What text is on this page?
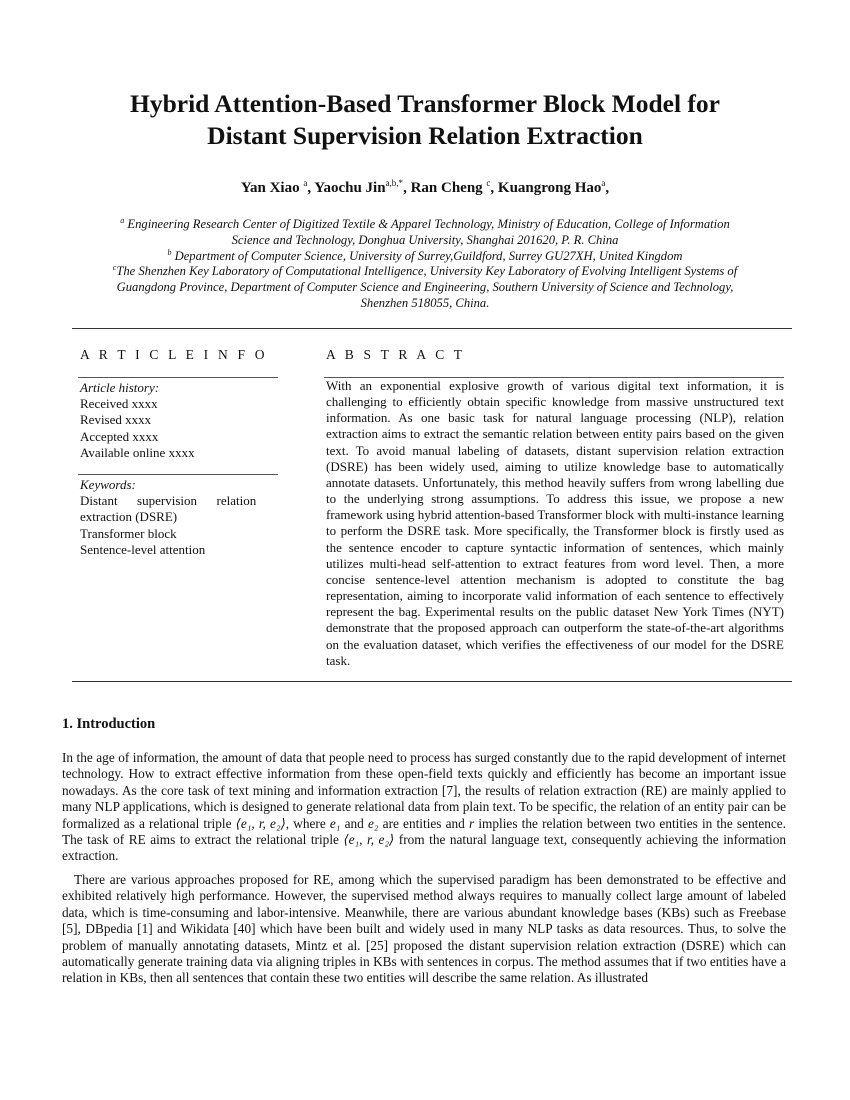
Hybrid Attention-Based Transformer Block Model for
Distant Supervision Relation Extraction
Yan Xiao $^a$, Yaochu Jin$^{a,b,*}$, Ran Cheng $^c$, Kuangrong Hao$^a$,
$^a$ Engineering Research Center of Digitized Textile & Apparel Technology, Ministry of Education, College of Information
Science and Technology, Donghua University, Shanghai 201620, P. R. China
$^b$ Department of Computer Science, University of Surrey,Guildford, Surrey GU27XH, United Kingdom
$^c$The Shenzhen Key Laboratory of Computational Intelligence, University Key Laboratory of Evolving Intelligent Systems of
Guangdong Province, Department of Computer Science and Engineering, Southern University of Science and Technology,
Shenzhen 518055, China.
A R T I C L E I N F O	A B S T R A C T
Article history:
Received xxxx
Revised xxxx
Accepted xxxx
Available online xxxx
Keywords:
Distant      supervision      relation
extraction (DSRE)
Transformer block
Sentence-level attention
With an exponential explosive growth of various digital text information, it is challenging to efficiently obtain specific knowledge from massive unstructured text information. As one basic task for natural language processing (NLP), relation extraction aims to extract the semantic relation between entity pairs based on the given text. To avoid manual labeling of datasets, distant supervision relation extraction (DSRE) has been widely used, aiming to utilize knowledge base to automatically annotate datasets. Unfortunately, this method heavily suffers from wrong labelling due to the underlying strong assumptions. To address this issue, we propose a new framework using hybrid attention-based Transformer block with multi-instance learning to perform the DSRE task. More specifically, the Transformer block is firstly used as the sentence encoder to capture syntactic information of sentences, which mainly utilizes multi-head self-attention to extract features from word level. Then, a more concise sentence-level attention mechanism is adopted to constitute the bag representation, aiming to incorporate valid information of each sentence to effectively represent the bag. Experimental results on the public dataset New York Times (NYT) demonstrate that the proposed approach can outperform the state-of-the-art algorithms on the evaluation dataset, which verifies the effectiveness of our model for the DSRE task.
1. Introduction
In the age of information, the amount of data that people need to process has surged constantly due to the rapid development of internet technology. How to extract effective information from these open-field texts quickly and efficiently has become an important issue nowadays. As the core task of text mining and information extraction [7], the results of relation extraction (RE) are mainly applied to many NLP applications, which is designed to generate relational data from plain text. To be specific, the relation of an entity pair can be formalized as a relational triple ⟨e₁, r, e₂⟩, where e₁ and e₂ are entities and r implies the relation between two entities in the sentence. The task of RE aims to extract the relational triple ⟨e₁, r, e₂⟩ from the natural language text, consequently achieving the information extraction.
There are various approaches proposed for RE, among which the supervised paradigm has been demonstrated to be effective and exhibited relatively high performance. However, the supervised method always requires to manually collect large amount of labeled data, which is time-consuming and labor-intensive. Meanwhile, there are various abundant knowledge bases (KBs) such as Freebase [5], DBpedia [1] and Wikidata [40] which have been built and widely used in many NLP tasks as data resources. Thus, to solve the problem of manually annotating datasets, Mintz et al. [25] proposed the distant supervision relation extraction (DSRE) which can automatically generate training data via aligning triples in KBs with sentences in corpus. The method assumes that if two entities have a relation in KBs, then all sentences that contain these two entities will describe the same relation. As illustrated
